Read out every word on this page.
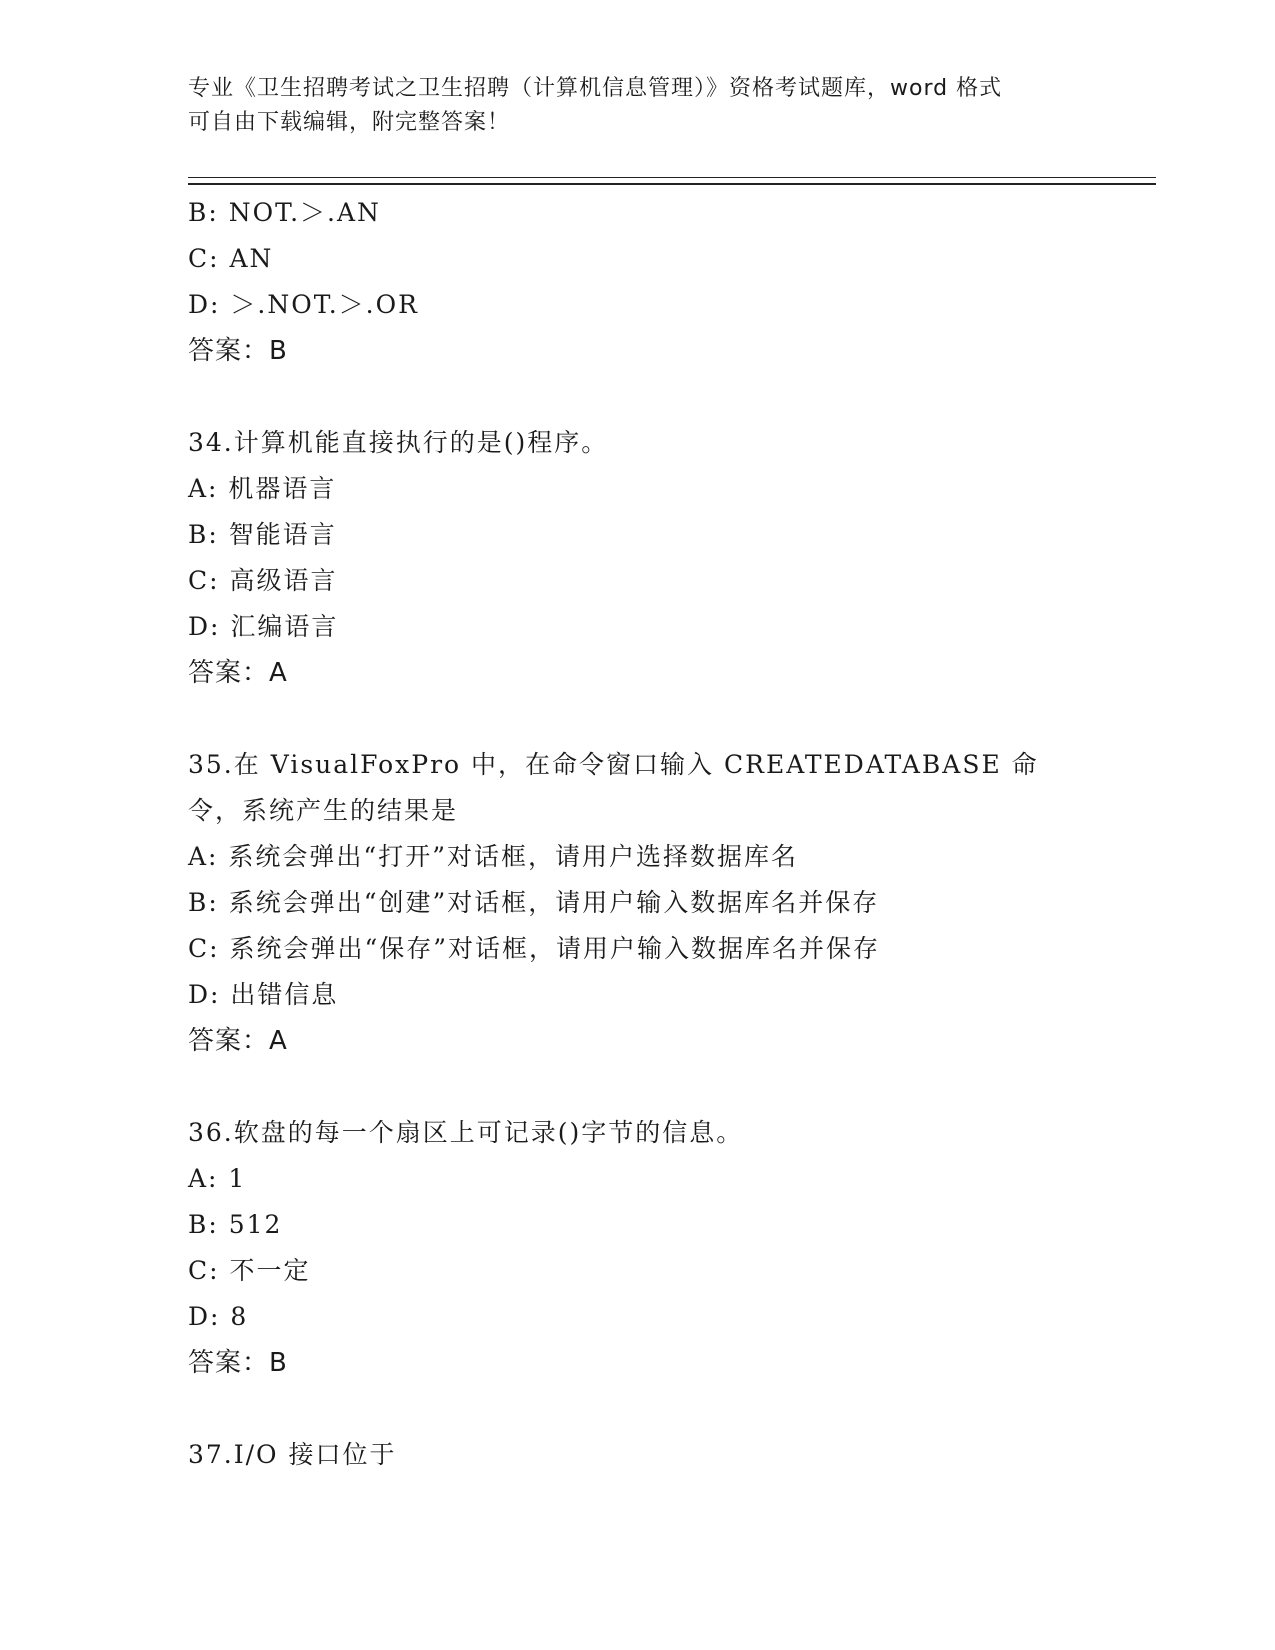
专业《卫生招聘考试之卫生招聘（计算机信息管理）》资格考试题库，word 格式
可自由下载编辑，附完整答案！
B: NOT.＞.AN
C: AN
D: ＞.NOT.＞.OR
答案：B
34.计算机能直接执行的是()程序。
A: 机器语言
B: 智能语言
C: 高级语言
D: 汇编语言
答案：A
35.在 VisualFoxPro 中，在命令窗口输入 CREATEDATABASE 命令，系统产生的结果是
A: 系统会弹出“打开”对话框，请用户选择数据库名
B: 系统会弹出“创建”对话框，请用户输入数据库名并保存
C: 系统会弹出“保存”对话框，请用户输入数据库名并保存
D: 出错信息
答案：A
36.软盘的每一个扇区上可记录()字节的信息。
A: 1
B: 512
C: 不一定
D: 8
答案：B
37.I/O 接口位于
